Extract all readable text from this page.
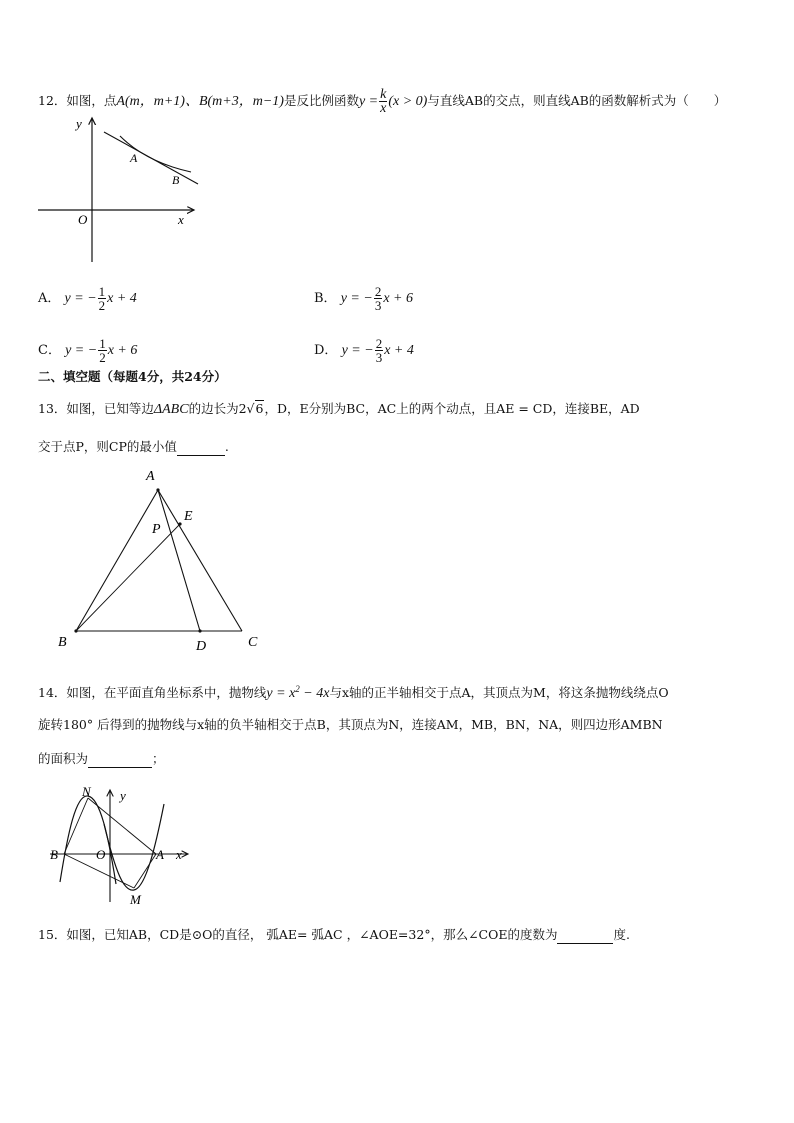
12．如图，点A(m，m+1)、B(m+3，m−1)是反比例函数$y = \frac{k}{x} (x > 0)$与直线AB的交点，则直线AB的函数解析式为（　　）
y
x
O
A
B
A． y = − $\frac{1}{2}$ x + 4	B． y = − $\frac{2}{3}$ x + 6
C． y = − $\frac{1}{2}$ x + 6	D． y = − $\frac{2}{3}$ x + 4
二、填空题（每题4分，共24分）
13．如图，已知等边ΔABC的边长为2√6，D，E分别为BC，AC上的两个动点，且AE = CD，连接BE，AD
交于点P，则CP的最小值	.
A
E
P
B	D	C
14．如图，在平面直角坐标系中，抛物线$y = x^2 - 4x$与x轴的正半轴相交于点A，其顶点为M，将这条抛物线绕点O
旋转180° 后得到的抛物线与x轴的负半轴相交于点B，其顶点为N，连接AM，MB，BN，NA，则四边形AMBN
的面积为	；
N y
B	O	A x
M
15．如图，已知AB，CD是⊙O的直径， 弧AE= 弧AC ，∠AOE=32°，那么∠COE的度数为	度.
